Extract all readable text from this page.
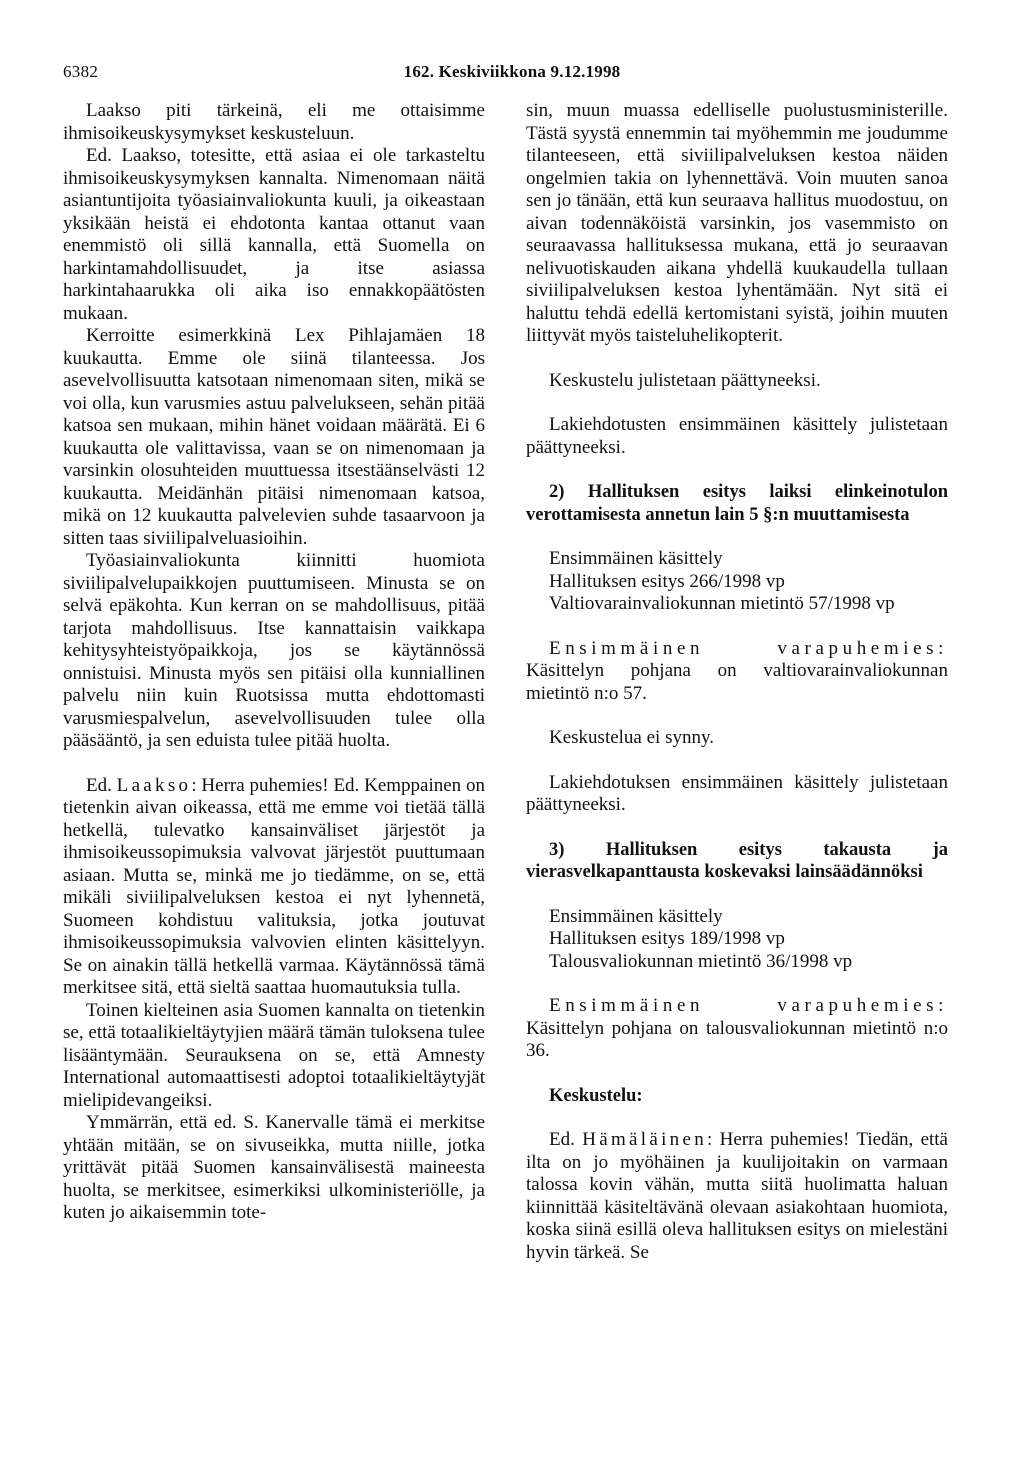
6382	162. Keskiviikkona 9.12.1998

Laakso piti tärkeinä, eli me ottaisimme ihmisoikeuskysymykset keskusteluun.

Ed. Laakso, totesitte, että asiaa ei ole tarkasteltu ihmisoikeuskysymyksen kannalta. Nimenomaan näitä asiantuntijoita työasiainvaliokunta kuuli, ja oikeastaan yksikään heistä ei ehdotonta kantaa ottanut vaan enemmistö oli sillä kannalla, että Suomella on harkintamahdollisuudet, ja itse asiassa harkintahaarukka oli aika iso ennakkopäätösten mukaan.

Kerroitte esimerkkinä Lex Pihlajamäen 18 kuukautta. Emme ole siinä tilanteessa. Jos asevelvollisuutta katsotaan nimenomaan siten, mikä se voi olla, kun varusmies astuu palvelukseen, sehän pitää katsoa sen mukaan, mihin hänet voidaan määrätä. Ei 6 kuukautta ole valittavissa, vaan se on nimenomaan ja varsinkin olosuhteiden muuttuessa itsestäänselvästi 12 kuukautta. Meidänhän pitäisi nimenomaan katsoa, mikä on 12 kuukautta palvelevien suhde tasaarvoon ja sitten taas siviilipalveluasioihin.

Työasiainvaliokunta kiinnitti huomiota siviilipalvelupaikkojen puuttumiseen. Minusta se on selvä epäkohta. Kun kerran on se mahdollisuus, pitää tarjota mahdollisuus. Itse kannattaisin vaikkapa kehitysyhteistyöpaikkoja, jos se käytännössä onnistuisi. Minusta myös sen pitäisi olla kunniallinen palvelu niin kuin Ruotsissa mutta ehdottomasti varusmiespalvelun, asevelvollisuuden tulee olla pääsääntö, ja sen eduista tulee pitää huolta.

Ed. Laakso: Herra puhemies! Ed. Kemppainen on tietenkin aivan oikeassa, että me emme voi tietää tällä hetkellä, tulevatko kansainväliset järjestöt ja ihmisoikeussopimuksia valvovat järjestöt puuttumaan asiaan. Mutta se, minkä me jo tiedämme, on se, että mikäli siviilipalveluksen kestoa ei nyt lyhennetä, Suomeen kohdistuu valituksia, jotka joutuvat ihmisoikeussopimuksia valvovien elinten käsittelyyn. Se on ainakin tällä hetkellä varmaa. Käytännössä tämä merkitsee sitä, että sieltä saattaa huomautuksia tulla.

Toinen kielteinen asia Suomen kannalta on tietenkin se, että totaalikieltäytyjien määrä tämän tuloksena tulee lisääntymään. Seurauksena on se, että Amnesty International automaattisesti adoptoi totaalikieltäytyjät mielipidevangeiksi.

Ymmärrän, että ed. S. Kanervalle tämä ei merkitse yhtään mitään, se on sivuseikka, mutta niille, jotka yrittävät pitää Suomen kansainvälisestä maineesta huolta, se merkitsee, esimerkiksi ulkoministeriölle, ja kuten jo aikaisemmin tote-

sin, muun muassa edelliselle puolustusministerille. Tästä syystä ennemmin tai myöhemmin me joudumme tilanteeseen, että siviilipalveluksen kestoa näiden ongelmien takia on lyhennettävä. Voin muuten sanoa sen jo tänään, että kun seuraava hallitus muodostuu, on aivan todennäköistä varsinkin, jos vasemmisto on seuraavassa hallituksessa mukana, että jo seuraavan nelivuotiskauden aikana yhdellä kuukaudella tullaan siviilipalveluksen kestoa lyhentämään. Nyt sitä ei haluttu tehdä edellä kertomistani syistä, joihin muuten liittyvät myös taisteluhelikopterit.

Keskustelu julistetaan päättyneeksi.

Lakiehdotusten ensimmäinen käsittely julistetaan päättyneeksi.

2) Hallituksen esitys laiksi elinkeinotulon verottamisesta annetun lain 5 §:n muuttamisesta

Ensimmäinen käsittely
Hallituksen esitys 266/1998 vp
Valtiovarainvaliokunnan mietintö 57/1998 vp

Ensimmäinen varapuhemies: Käsittelyn pohjana on valtiovarainvaliokunnan mietintö n:o 57.

Keskustelua ei synny.

Lakiehdotuksen ensimmäinen käsittely julistetaan päättyneeksi.

3) Hallituksen esitys takausta ja vierasvelkapanttausta koskevaksi lainsäädännöksi

Ensimmäinen käsittely
Hallituksen esitys 189/1998 vp
Talousvaliokunnan mietintö 36/1998 vp

Ensimmäinen varapuhemies: Käsittelyn pohjana on talousvaliokunnan mietintö n:o 36.

Keskustelu:

Ed. Hämäläinen: Herra puhemies! Tiedän, että ilta on jo myöhäinen ja kuulijoitakin on varmaan talossa kovin vähän, mutta siitä huolimatta haluan kiinnittää käsiteltävänä olevaan asiakohtaan huomiota, koska siinä esillä oleva hallituksen esitys on mielestäni hyvin tärkeä. Se
